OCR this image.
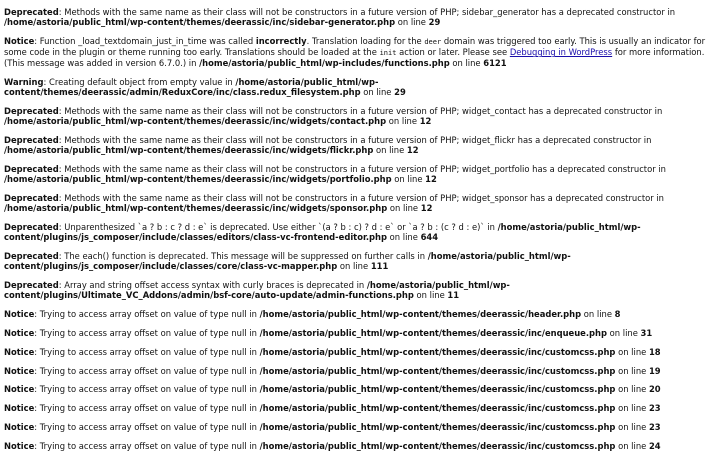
Deprecated: Methods with the same name as their class will not be constructors in a future version of PHP; sidebar_generator has a deprecated constructor in /home/astoria/public_html/wp-content/themes/deerassic/inc/sidebar-generator.php on line 29
Notice: Function _load_textdomain_just_in_time was called incorrectly. Translation loading for the deer domain was triggered too early. This is usually an indicator for some code in the plugin or theme running too early. Translations should be loaded at the init action or later. Please see Debugging in WordPress for more information. (This message was added in version 6.7.0.) in /home/astoria/public_html/wp-includes/functions.php on line 6121
Warning: Creating default object from empty value in /home/astoria/public_html/wp-content/themes/deerassic/admin/ReduxCore/inc/class.redux_filesystem.php on line 29
Deprecated: Methods with the same name as their class will not be constructors in a future version of PHP; widget_contact has a deprecated constructor in /home/astoria/public_html/wp-content/themes/deerassic/inc/widgets/contact.php on line 12
Deprecated: Methods with the same name as their class will not be constructors in a future version of PHP; widget_flickr has a deprecated constructor in /home/astoria/public_html/wp-content/themes/deerassic/inc/widgets/flickr.php on line 12
Deprecated: Methods with the same name as their class will not be constructors in a future version of PHP; widget_portfolio has a deprecated constructor in /home/astoria/public_html/wp-content/themes/deerassic/inc/widgets/portfolio.php on line 12
Deprecated: Methods with the same name as their class will not be constructors in a future version of PHP; widget_sponsor has a deprecated constructor in /home/astoria/public_html/wp-content/themes/deerassic/inc/widgets/sponsor.php on line 12
Deprecated: Unparenthesized `a ? b : c ? d : e` is deprecated. Use either `(a ? b : c) ? d : e` or `a ? b : (c ? d : e)` in /home/astoria/public_html/wp-content/plugins/js_composer/include/classes/editors/class-vc-frontend-editor.php on line 644
Deprecated: The each() function is deprecated. This message will be suppressed on further calls in /home/astoria/public_html/wp-content/plugins/js_composer/include/classes/core/class-vc-mapper.php on line 111
Deprecated: Array and string offset access syntax with curly braces is deprecated in /home/astoria/public_html/wp-content/plugins/Ultimate_VC_Addons/admin/bsf-core/auto-update/admin-functions.php on line 11
Notice: Trying to access array offset on value of type null in /home/astoria/public_html/wp-content/themes/deerassic/header.php on line 8
Notice: Trying to access array offset on value of type null in /home/astoria/public_html/wp-content/themes/deerassic/inc/enqueue.php on line 31
Notice: Trying to access array offset on value of type null in /home/astoria/public_html/wp-content/themes/deerassic/inc/customcss.php on line 18
Notice: Trying to access array offset on value of type null in /home/astoria/public_html/wp-content/themes/deerassic/inc/customcss.php on line 19
Notice: Trying to access array offset on value of type null in /home/astoria/public_html/wp-content/themes/deerassic/inc/customcss.php on line 20
Notice: Trying to access array offset on value of type null in /home/astoria/public_html/wp-content/themes/deerassic/inc/customcss.php on line 23
Notice: Trying to access array offset on value of type null in /home/astoria/public_html/wp-content/themes/deerassic/inc/customcss.php on line 23
Notice: Trying to access array offset on value of type null in /home/astoria/public_html/wp-content/themes/deerassic/inc/customcss.php on line 24
